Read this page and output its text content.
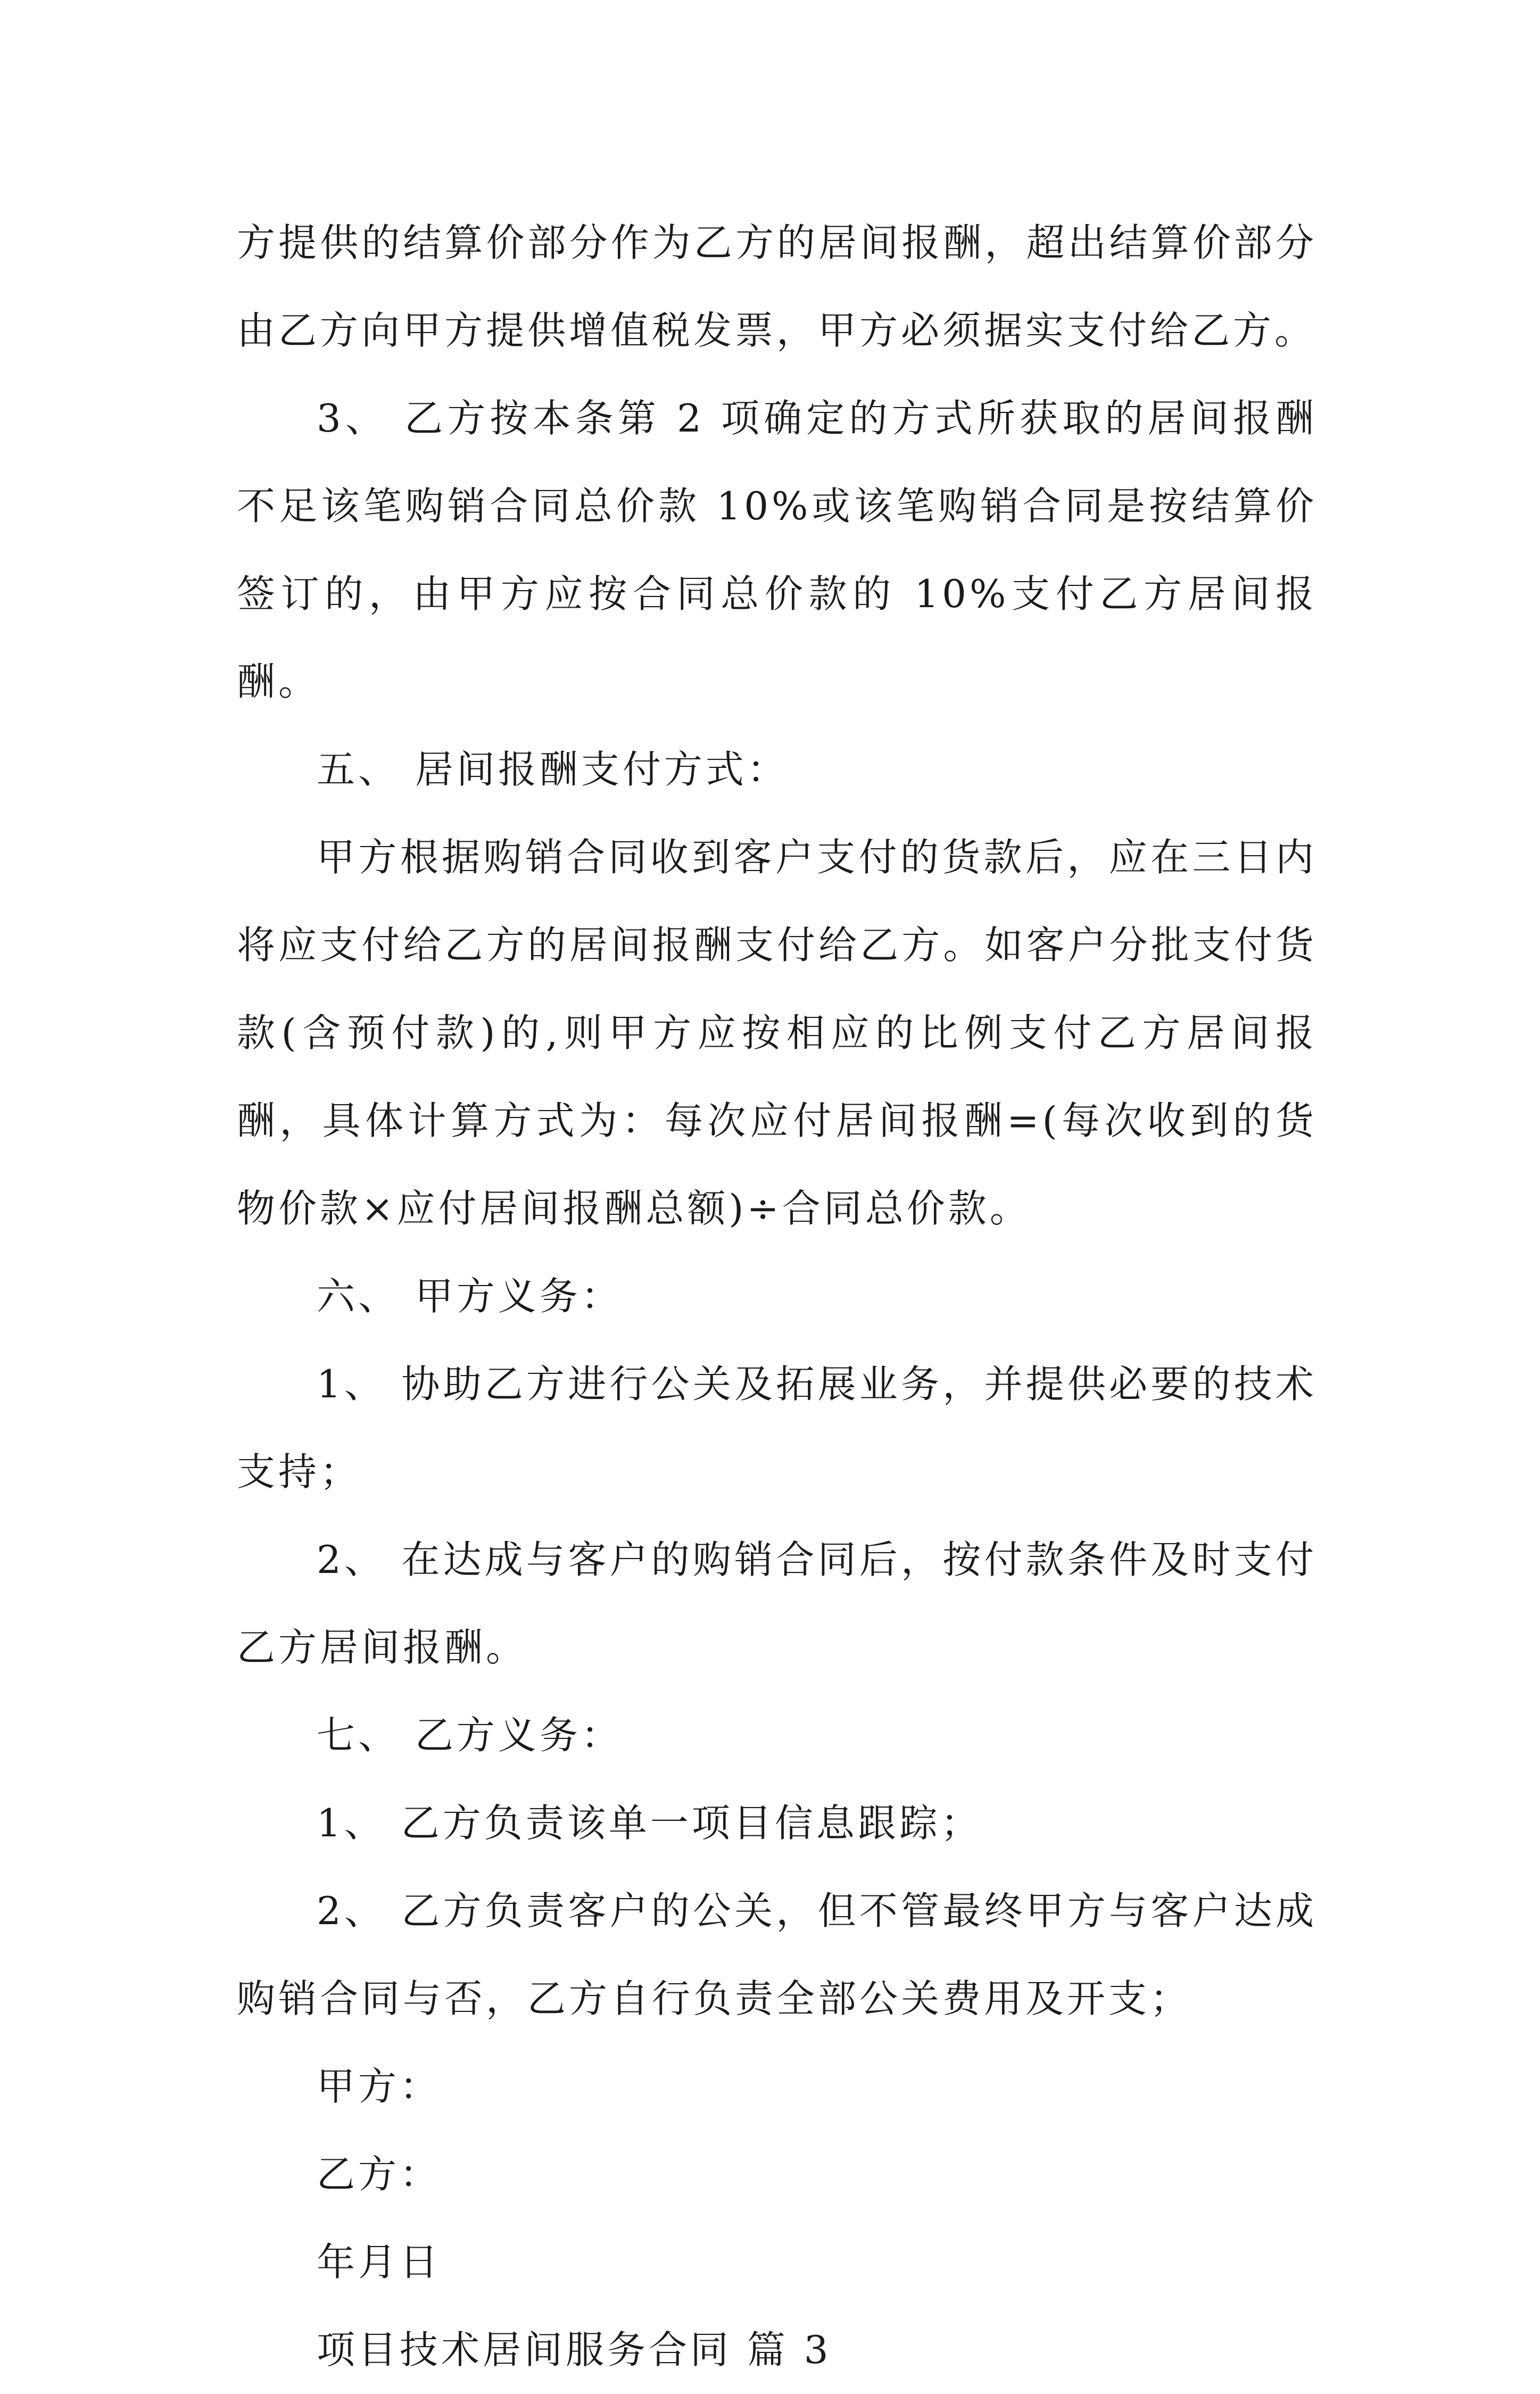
方提供的结算价部分作为乙方的居间报酬，超出结算价部分由乙方向甲方提供增值税发票，甲方必须据实支付给乙方。

3、 乙方按本条第 2 项确定的方式所获取的居间报酬不足该笔购销合同总价款 10%或该笔购销合同是按结算价签订的，由甲方应按合同总价款的 10%支付乙方居间报酬。

五、 居间报酬支付方式：

甲方根据购销合同收到客户支付的货款后，应在三日内将应支付给乙方的居间报酬支付给乙方。如客户分批支付货款(含预付款)的,则甲方应按相应的比例支付乙方居间报酬，具体计算方式为：每次应付居间报酬=(每次收到的货物价款×应付居间报酬总额)÷合同总价款。

六、 甲方义务：

1、 协助乙方进行公关及拓展业务，并提供必要的技术支持；

2、 在达成与客户的购销合同后，按付款条件及时支付乙方居间报酬。

七、 乙方义务：

1、 乙方负责该单一项目信息跟踪；

2、 乙方负责客户的公关，但不管最终甲方与客户达成购销合同与否，乙方自行负责全部公关费用及开支；

甲方：

乙方：

年月日

项目技术居间服务合同 篇 3
